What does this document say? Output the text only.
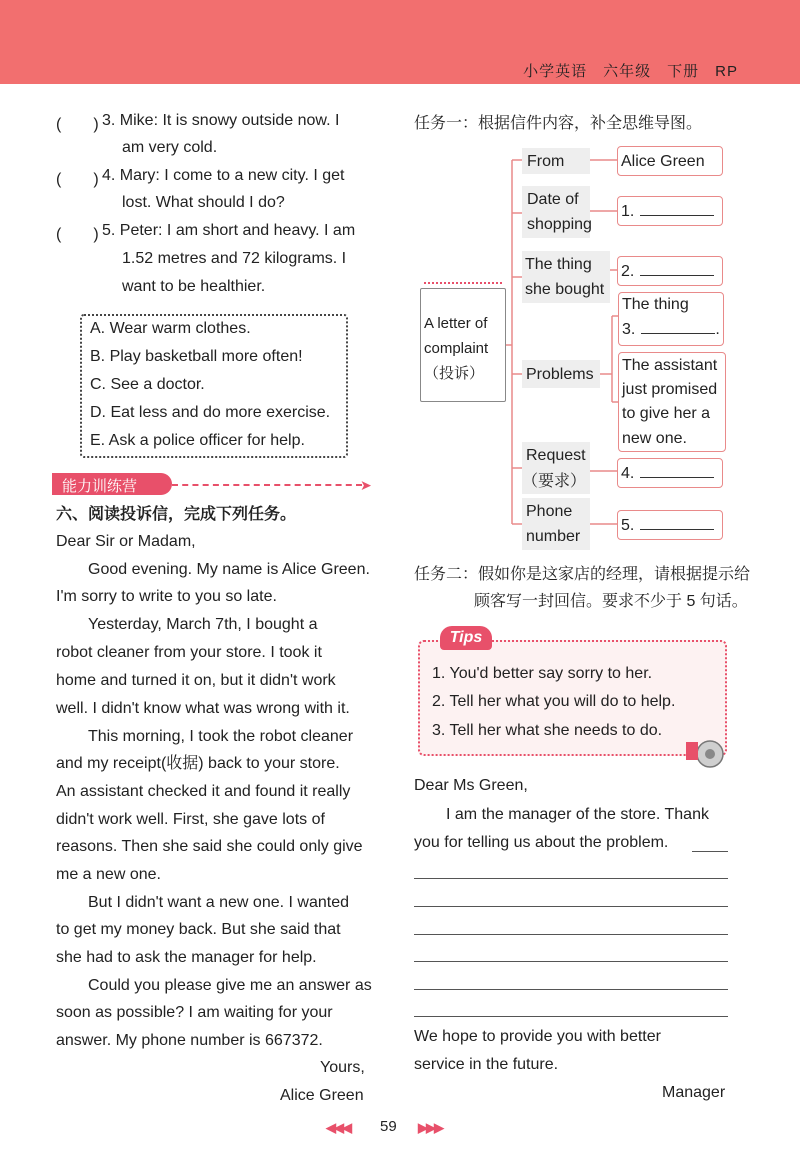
小学英语　六年级　下册　RP
(　　) 3. Mike: It is snowy outside now. I
am very cold.
(　　) 4. Mary: I come to a new city. I get
lost. What should I do?
(　　) 5. Peter: I am short and heavy. I am
1.52 metres and 72 kilograms. I
want to be healthier.
A. Wear warm clothes.
B. Play basketball more often!
C. See a doctor.
D. Eat less and do more exercise.
E. Ask a police officer for help.
能力训练营	➤
六、阅读投诉信，完成下列任务。
Dear Sir or Madam,
Good evening. My name is Alice Green.
I'm sorry to write to you so late.
Yesterday, March 7th, I bought a
robot cleaner from your store. I took it
home and turned it on, but it didn't work
well. I didn't know what was wrong with it.
This morning, I took the robot cleaner
and my receipt(收据) back to your store.
An assistant checked it and found it really
didn't work well. First, she gave lots of
reasons. Then she said she could only give
me a new one.
But I didn't want a new one. I wanted
to get my money back. But she said that
she had to ask the manager for help.
Could you please give me an answer as
soon as possible? I am waiting for your
answer. My phone number is 667372.
Yours,
Alice Green
任务一：根据信件内容，补全思维导图。
A letter of
complaint
（投诉）
From
Date of
shopping
The thing
she bought
Problems
Request
（要求）
Phone
number
Alice Green
1.
2.
The thing
3.	.
The assistant
just promised
to give her a
new one.
4.
5.
任务二：假如你是这家店的经理，请根据提示给
顾客写一封回信。要求不少于 5 句话。
Tips
1. You'd better say sorry to her.
2. Tell her what you will do to help.
3. Tell her what she needs to do.
Dear Ms Green,
I am the manager of the store. Thank
you for telling us about the problem.
We hope to provide you with better
service in the future.
Manager
◀◀◀ 59 ▶▶▶
